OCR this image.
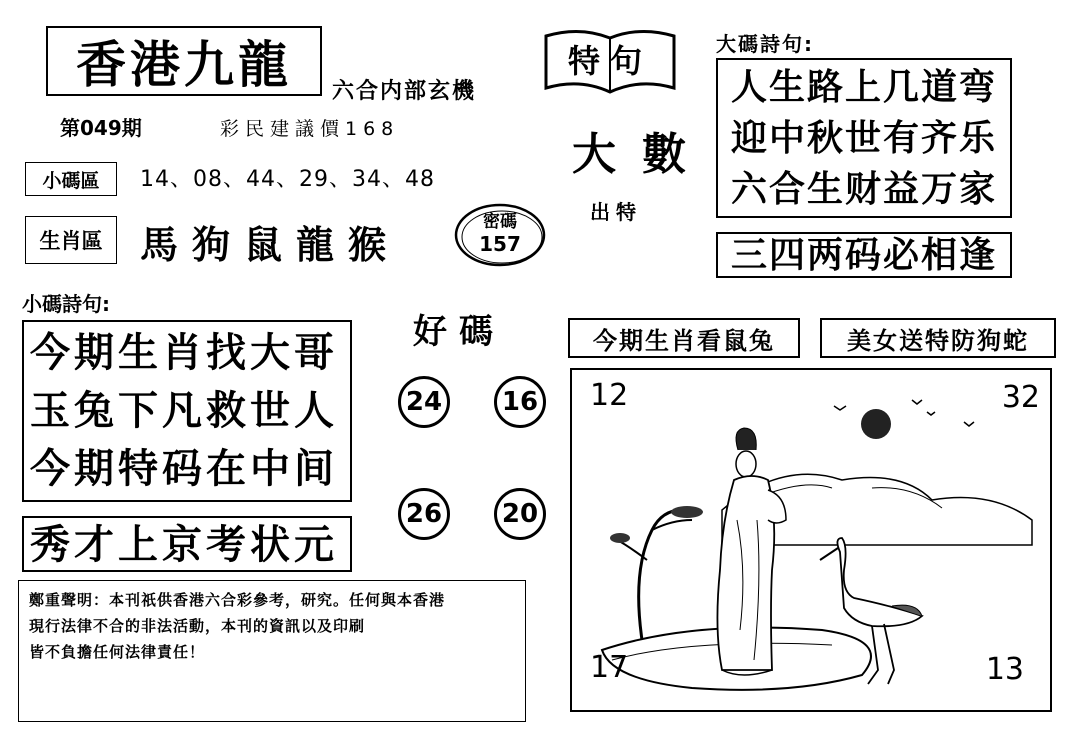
香港九龍 六合内部玄機
第049期	彩民建議價168
小碼區	14、08、44、29、34、48
生肖區 馬狗鼠龍猴
特句
大數
出特
密碼
157
大碼詩句:
人生路上几道弯
迎中秋世有齐乐
六合生财益万家
三四两码必相逢
小碼詩句:
今期生肖找大哥
玉兔下凡救世人
今期特码在中间
秀才上京考状元
好碼
24	16
26	20
今期生肖看鼠兔	美女送特防狗蛇
12	32
17	13
鄭重聲明：本刊祇供香港六合彩參考，研究。任何與本香港
現行法律不合的非法活動，本刊的資訊以及印刷
皆不負擔任何法律責任！
